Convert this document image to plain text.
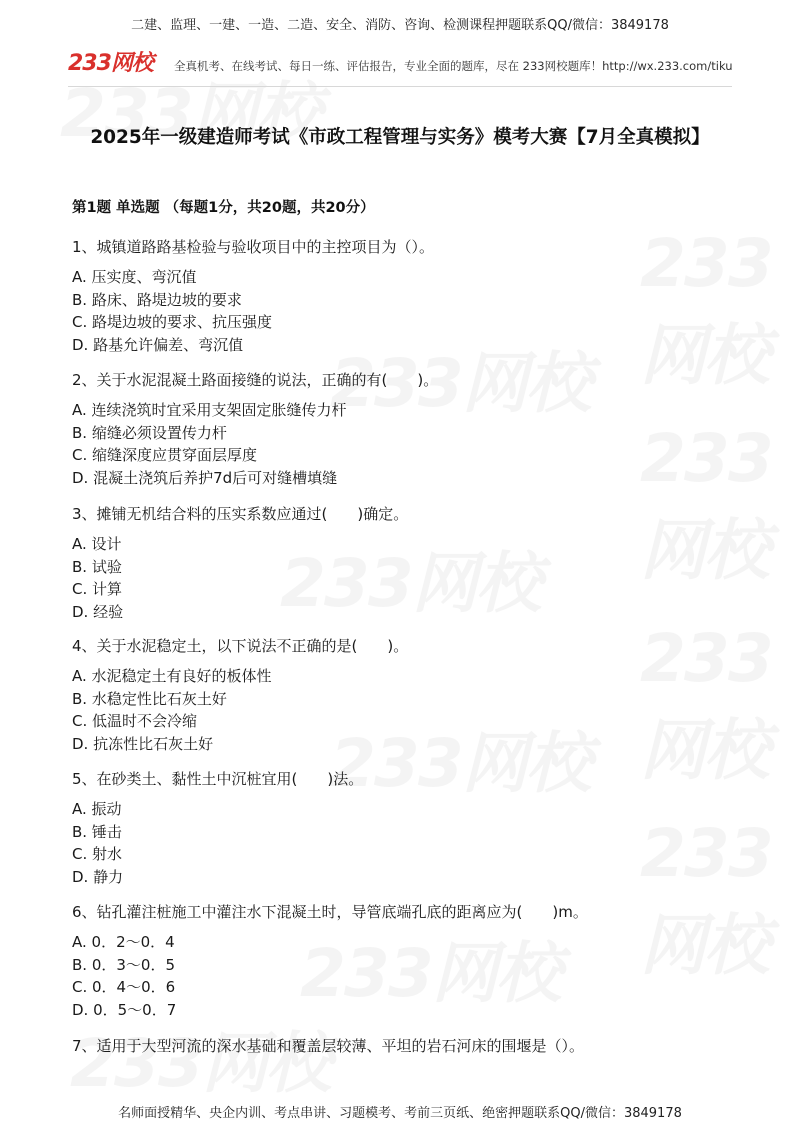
二建、监理、一建、一造、二造、安全、消防、咨询、检测课程押题联系QQ/微信：3849178
233网校 全真机考、在线考试、每日一练、评估报告，专业全面的题库，尽在 233网校题库！http://wx.233.com/tiku
2025年一级建造师考试《市政工程管理与实务》模考大赛【7月全真模拟】
第1题 单选题 （每题1分，共20题，共20分）
1、城镇道路路基检验与验收项目中的主控项目为（）。
A. 压实度、弯沉值
B. 路床、路堤边坡的要求
C. 路堤边坡的要求、抗压强度
D. 路基允许偏差、弯沉值
2、关于水泥混凝土路面接缝的说法，正确的有(　　)。
A. 连续浇筑时宜采用支架固定胀缝传力杆
B. 缩缝必须设置传力杆
C. 缩缝深度应贯穿面层厚度
D. 混凝土浇筑后养护7d后可对缝槽填缝
3、摊铺无机结合料的压实系数应通过(　　)确定。
A. 设计
B. 试验
C. 计算
D. 经验
4、关于水泥稳定土，以下说法不正确的是(　　)。
A. 水泥稳定土有良好的板体性
B. 水稳定性比石灰土好
C. 低温时不会冷缩
D. 抗冻性比石灰土好
5、在砂类土、黏性土中沉桩宜用(　　)法。
A. 振动
B. 锤击
C. 射水
D. 静力
6、钻孔灌注桩施工中灌注水下混凝土时，导管底端孔底的距离应为(　　)m。
A. 0．2～0．4
B. 0．3～0．5
C. 0．4～0．6
D. 0．5～0．7
7、适用于大型河流的深水基础和覆盖层较薄、平坦的岩石河床的围堰是（）。
名师面授精华、央企内训、考点串讲、习题模考、考前三页纸、绝密押题联系QQ/微信：3849178
